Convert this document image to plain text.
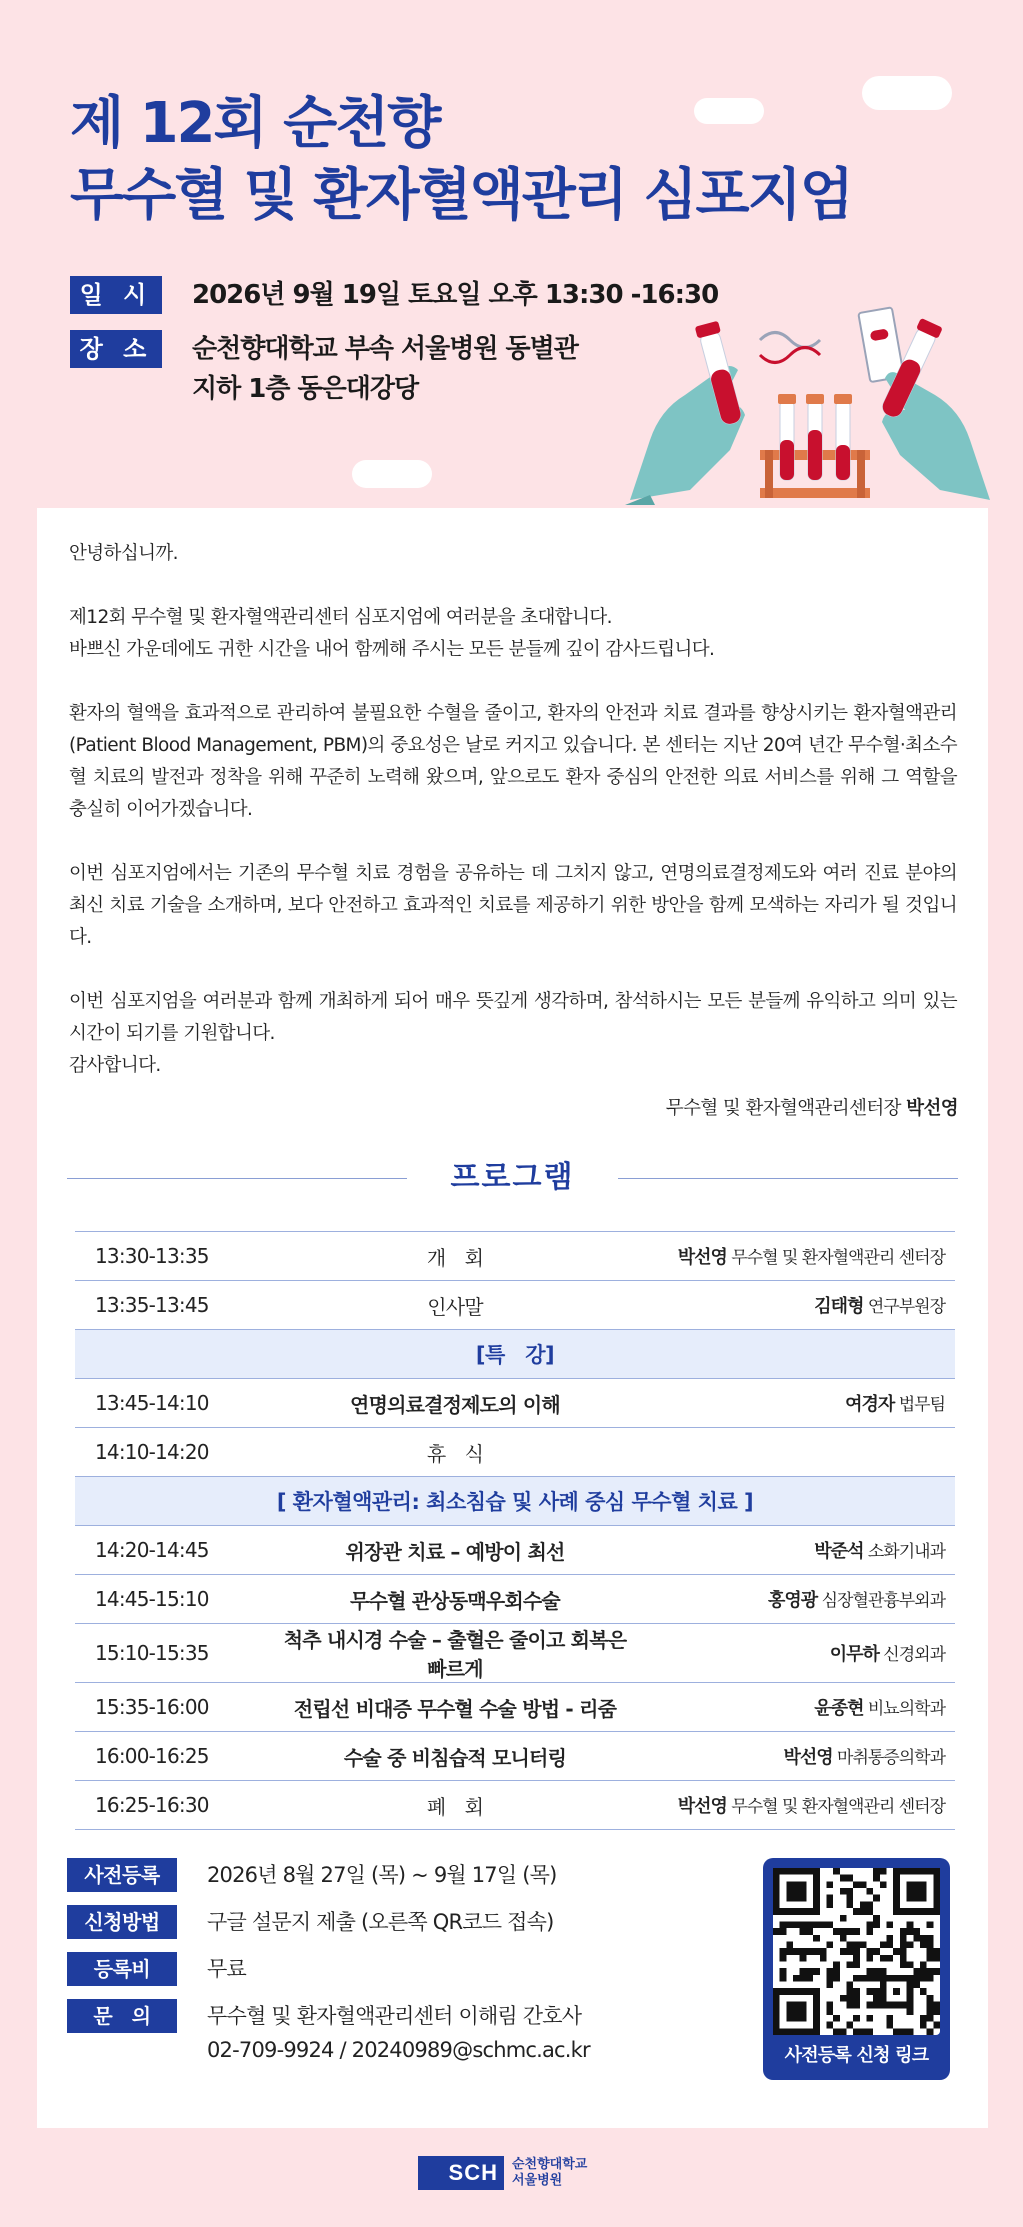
제 12회 순천향
무수혈 및 환자혈액관리 심포지엄
일 시	2026년 9월 19일 토요일 오후 13:30 -16:30
장 소	순천향대학교 부속 서울병원 동별관
지하 1층 동은대강당

안녕하십니까.

제12회 무수혈 및 환자혈액관리센터 심포지엄에 여러분을 초대합니다.
바쁘신 가운데에도 귀한 시간을 내어 함께해 주시는 모든 분들께 깊이 감사드립니다.

환자의 혈액을 효과적으로 관리하여 불필요한 수혈을 줄이고, 환자의 안전과 치료 결과를 향상시키는 환자혈액관리(Patient Blood Management, PBM)의 중요성은 날로 커지고 있습니다. 본 센터는 지난 20여 년간 무수혈·최소수혈 치료의 발전과 정착을 위해 꾸준히 노력해 왔으며, 앞으로도 환자 중심의 안전한 의료 서비스를 위해 그 역할을 충실히 이어가겠습니다.

이번 심포지엄에서는 기존의 무수혈 치료 경험을 공유하는 데 그치지 않고, 연명의료결정제도와 여러 진료 분야의 최신 치료 기술을 소개하며, 보다 안전하고 효과적인 치료를 제공하기 위한 방안을 함께 모색하는 자리가 될 것입니다.

이번 심포지엄을 여러분과 함께 개최하게 되어 매우 뜻깊게 생각하며, 참석하시는 모든 분들께 유익하고 의미 있는 시간이 되기를 기원합니다.

감사합니다.

무수혈 및 환자혈액관리센터장 박선영
프로그램
13:30-13:35	개　회	박선영 무수혈 및 환자혈액관리 센터장
13:35-13:45	인사말	김태형 연구부원장
[특　강]		
13:45-14:10	연명의료결정제도의 이해	여경자 법무팀
14:10-14:20	휴　식	
[ 환자혈액관리: 최소침습 및 사례 중심 무수혈 치료 ]		
14:20-14:45	위장관 치료 – 예방이 최선	박준석 소화기내과
14:45-15:10	무수혈 관상동맥우회수술	홍영광 심장혈관흉부외과
15:10-15:35	척추 내시경 수술 – 출혈은 줄이고 회복은 빠르게	이무하 신경외과
15:35-16:00	전립선 비대증 무수혈 수술 방법 - 리줌	윤종현 비뇨의학과
16:00-16:25	수술 중 비침습적 모니터링	박선영 마취통증의학과
16:25-16:30	폐　회	박선영 무수혈 및 환자혈액관리 센터장
사전등록	2026년 8월 27일 (목) ~ 9월 17일 (목)
신청방법	구글 설문지 제출 (오른쪽 QR코드 접속)
등록비	무료
문　의	무수혈 및 환자혈액관리센터 이해림 간호사
02-709-9924 / 20240989@schmc.ac.kr	사전등록 신청 링크
SCH	순천향대학교
서울병원
